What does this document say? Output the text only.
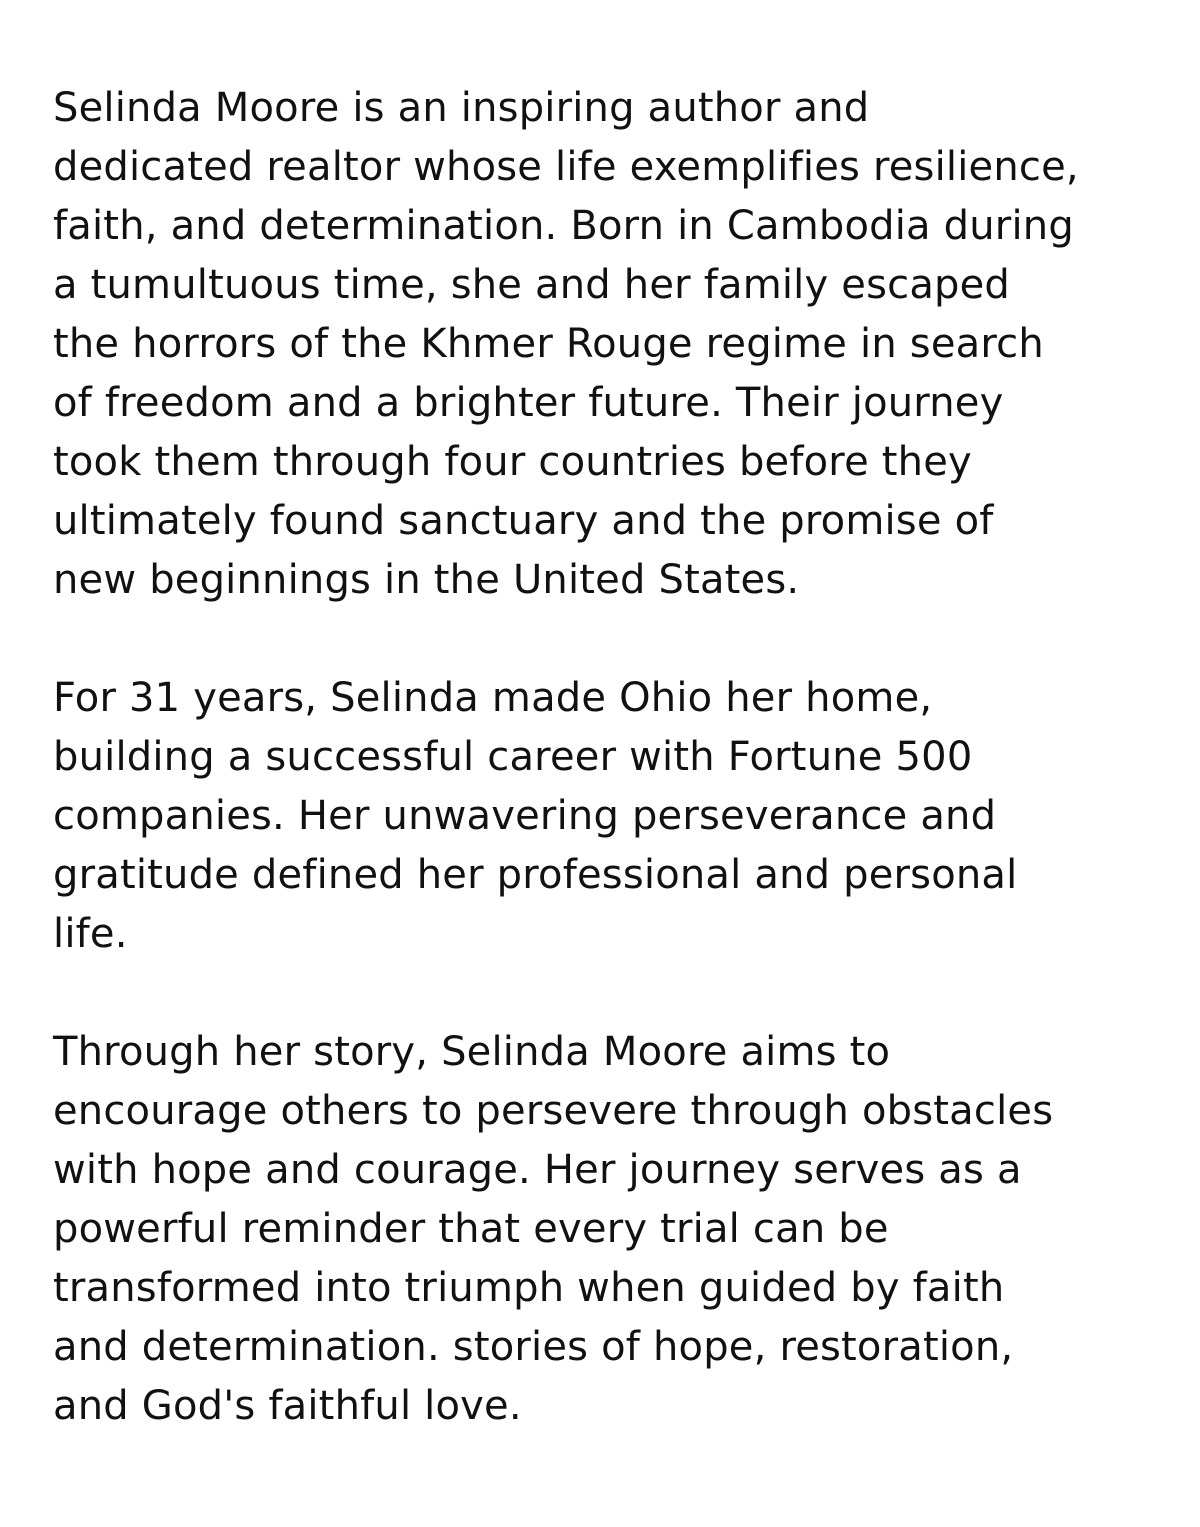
Selinda Moore is an inspiring author and
dedicated realtor whose life exemplifies resilience,
faith, and determination. Born in Cambodia during
a tumultuous time, she and her family escaped
the horrors of the Khmer Rouge regime in search
of freedom and a brighter future. Their journey
took them through four countries before they
ultimately found sanctuary and the promise of
new beginnings in the United States.

For 31 years, Selinda made Ohio her home,
building a successful career with Fortune 500
companies. Her unwavering perseverance and
gratitude defined her professional and personal
life.

Through her story, Selinda Moore aims to
encourage others to persevere through obstacles
with hope and courage. Her journey serves as a
powerful reminder that every trial can be
transformed into triumph when guided by faith
and determination. stories of hope, restoration,
and God's faithful love.
